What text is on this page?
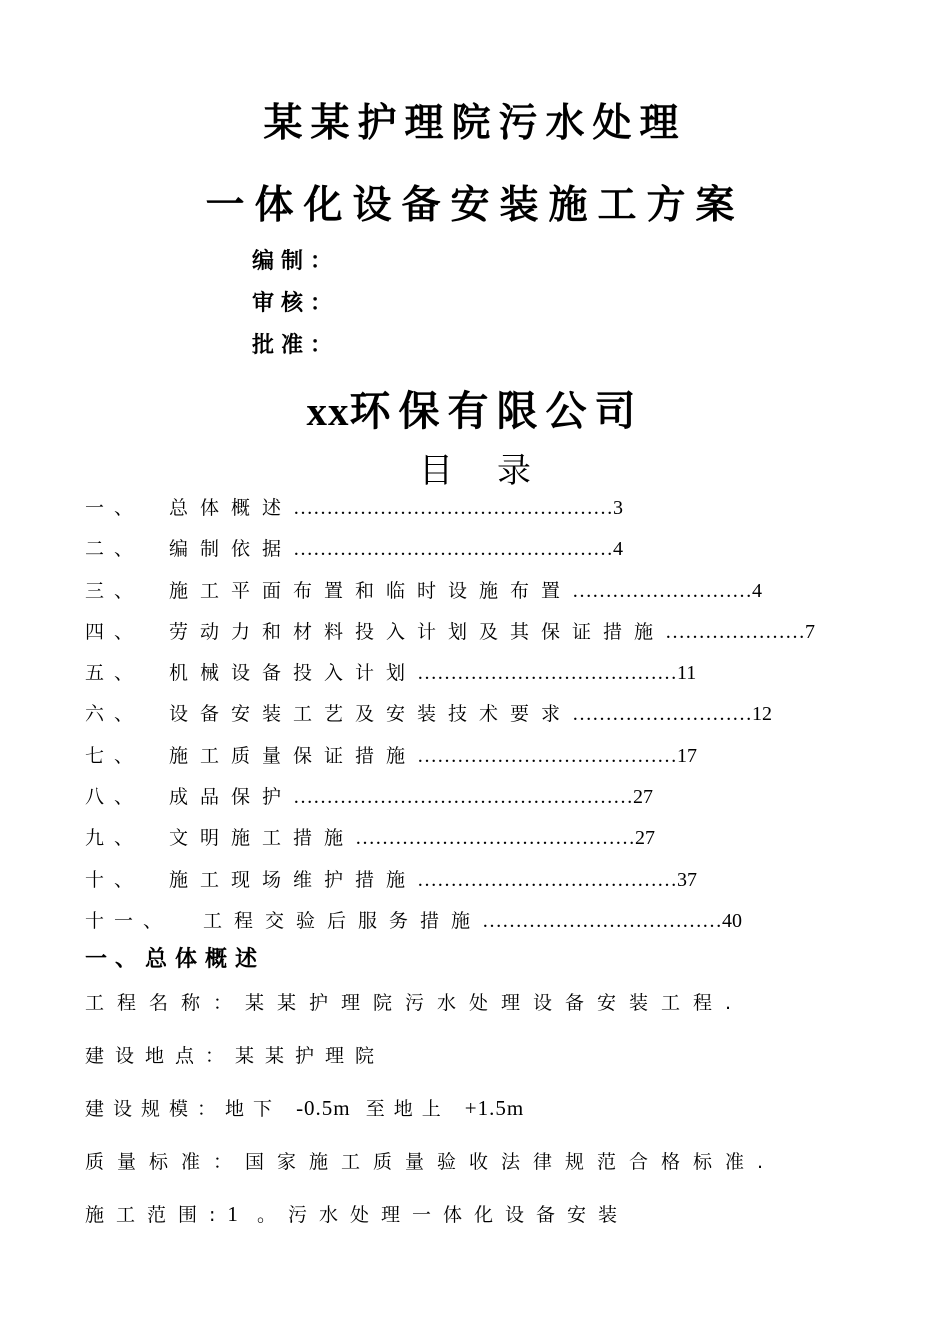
某某护理院污水处理
一体化设备安装施工方案
编制：
审核：
批准：
xx环保有限公司
目录
一、 总体概述…………………………………………3
二、 编制依据…………………………………………4
三、 施工平面布置和临时设施布置………………………4
四、 劳动力和材料投入计划及其保证措施…………………7
五、 机械设备投入计划…………………………………11
六、 设备安装工艺及安装技术要求………………………12
七、 施工质量保证措施…………………………………17
八、 成品保护……………………………………………27
九、 文明施工措施……………………………………27
十、 施工现场维护措施…………………………………37
十一、 工程交验后服务措施………………………………40
一、总体概述
工程名称：某某护理院污水处理设备安装工程.
建设地点：某某护理院
建设规模：地下 -0.5m 至地上 +1.5m
质量标准：国家施工质量验收法律规范合格标准.
施工范围:1 。污水处理一体化设备安装
